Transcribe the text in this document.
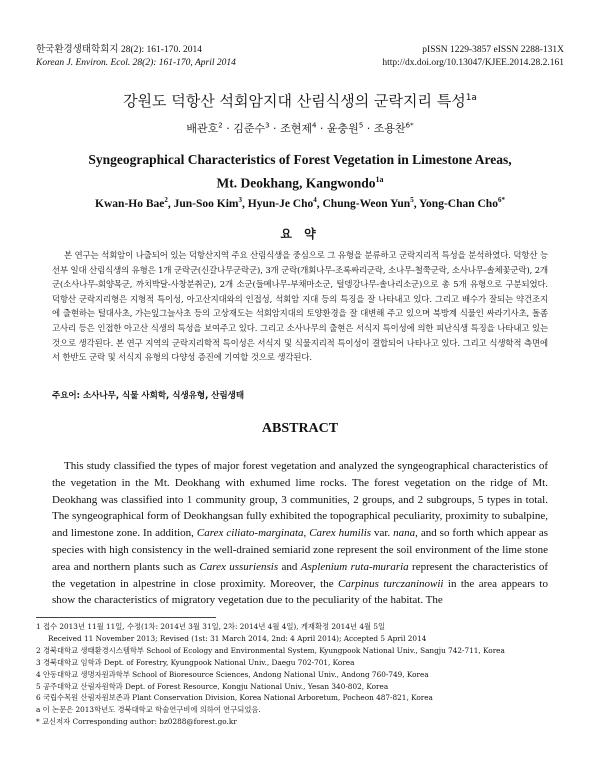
한국환경생태학회지 28(2): 161-170. 2014
Korean J. Environ. Ecol. 28(2): 161-170, April 2014
pISSN 1229-3857 eISSN 2288-131X
http://dx.doi.org/10.13047/KJEE.2014.28.2.161
강원도 덕항산 석회암지대 산림식생의 군락지리 특성$^{1a}$
배관호$^2$ · 김준수$^3$ · 조현제$^4$ · 윤충원$^5$ · 조용찬$^{6*}$
Syngeographical Characteristics of Forest Vegetation in Limestone Areas,
Mt. Deokhang, Kangwondo$^{1a}$
Kwan-Ho Bae$^2$, Jun-Soo Kim$^3$, Hyun-Je Cho$^4$, Chung-Weon Yun$^5$, Yong-Chan Cho$^{6*}$
요 약

본 연구는 석회암이 나출되어 있는 덕항산지역 주요 산림식생을 중심으로 그 유형을 분류하고 군락지리적 특성을 분석하였다. 덕항산 능선부 일대 산림식생의 유형은 1개 군락군(신갈나무군락군), 3개 군락(개회나무-조록싸리군락, 소나무-철쭉군락, 소사나무-솔체꽃군락), 2개 군(소사나무-회양목군, 까치박달-사창분취군), 2개 소군(들메나무-부채마소군, 털뎅강나무-솔나리소군)으로 총 5개 유형으로 구분되었다. 덕항산 군락지리형은 지형적 특이성, 아고산지대와의 인접성, 석회암 지대 등의 특징을 잘 나타내고 있다. 그리고 배수가 잘되는 약건조지에 출현하는 털대사초, 가는잎그늘사초 등의 고상재도는 석회암지대의 토양환경을 잘 대변해 주고 있으며 북방계 식물인 싸라기사초, 돌좀고사리 등은 인접한 아고산 식생의 특성을 보여주고 있다. 그리고 소사나무의 출현은 서식지 특이성에 의한 피난식생 특징을 나타내고 있는 것으로 생각된다. 본 연구 지역의 군락지리학적 특이성은 서식지 및 식물지리적 특이성이 결합되어 나타나고 있다. 그리고 식생학적 측면에서 한반도 군락 및 서식지 유형의 다양성 증진에 기여할 것으로 생각된다.

주요어: 소사나무, 식물 사회학, 식생유형, 산림생태
ABSTRACT

This study classified the types of major forest vegetation and analyzed the syngeographical characteristics of the vegetation in the Mt. Deokhang with exhumed lime rocks. The forest vegetation on the ridge of Mt. Deokhang was classified into 1 community group, 3 communities, 2 groups, and 2 subgroups, 5 types in total. The syngeographical form of Deokhangsan fully exhibited the topographical peculiarity, proximity to subalpine, and limestone zone. In addition, Carex ciliato-marginata, Carex humilis var. nana, and so forth which appear as species with high consistency in the well-drained semiarid zone represent the soil environment of the lime stone area and northern plants such as Carex ussuriensis and Asplenium ruta-muraria represent the characteristics of the vegetation in alpestrine in close proximity. Moreover, the Carpinus turczaninowii in the area appears to show the characteristics of migratory vegetation due to the peculiarity of the habitat. The

1 접수 2013년 11월 11일, 수정(1차: 2014년 3월 31일, 2차: 2014년 4월 4일), 게재확정 2014년 4월 5일
Received 11 November 2013; Revised (1st: 31 March 2014, 2nd: 4 April 2014); Accepted 5 April 2014
2 경북대학교 생태환경시스템학부 School of Ecology and Environmental System, Kyungpook National Univ., Sangju 742-711, Korea
3 경북대학교 임학과 Dept. of Forestry, Kyungpook National Univ., Daegu 702-701, Korea
4 안동대학교 생명자원과학부 School of Bioresource Sciences, Andong National Univ., Andong 760-749, Korea
5 공주대학교 산림자원학과 Dept. of Forest Resource, Kongju National Univ., Yesan 340-802, Korea
6 국립수목원 산림자원보존과 Plant Conservation Division, Korea National Arboretum, Pocheon 487-821, Korea
a 이 논문은 2013학년도 경북대학교 학술연구비에 의하여 연구되었음.
* 교신저자 Corresponding author: bz0288@forest.go.kr
